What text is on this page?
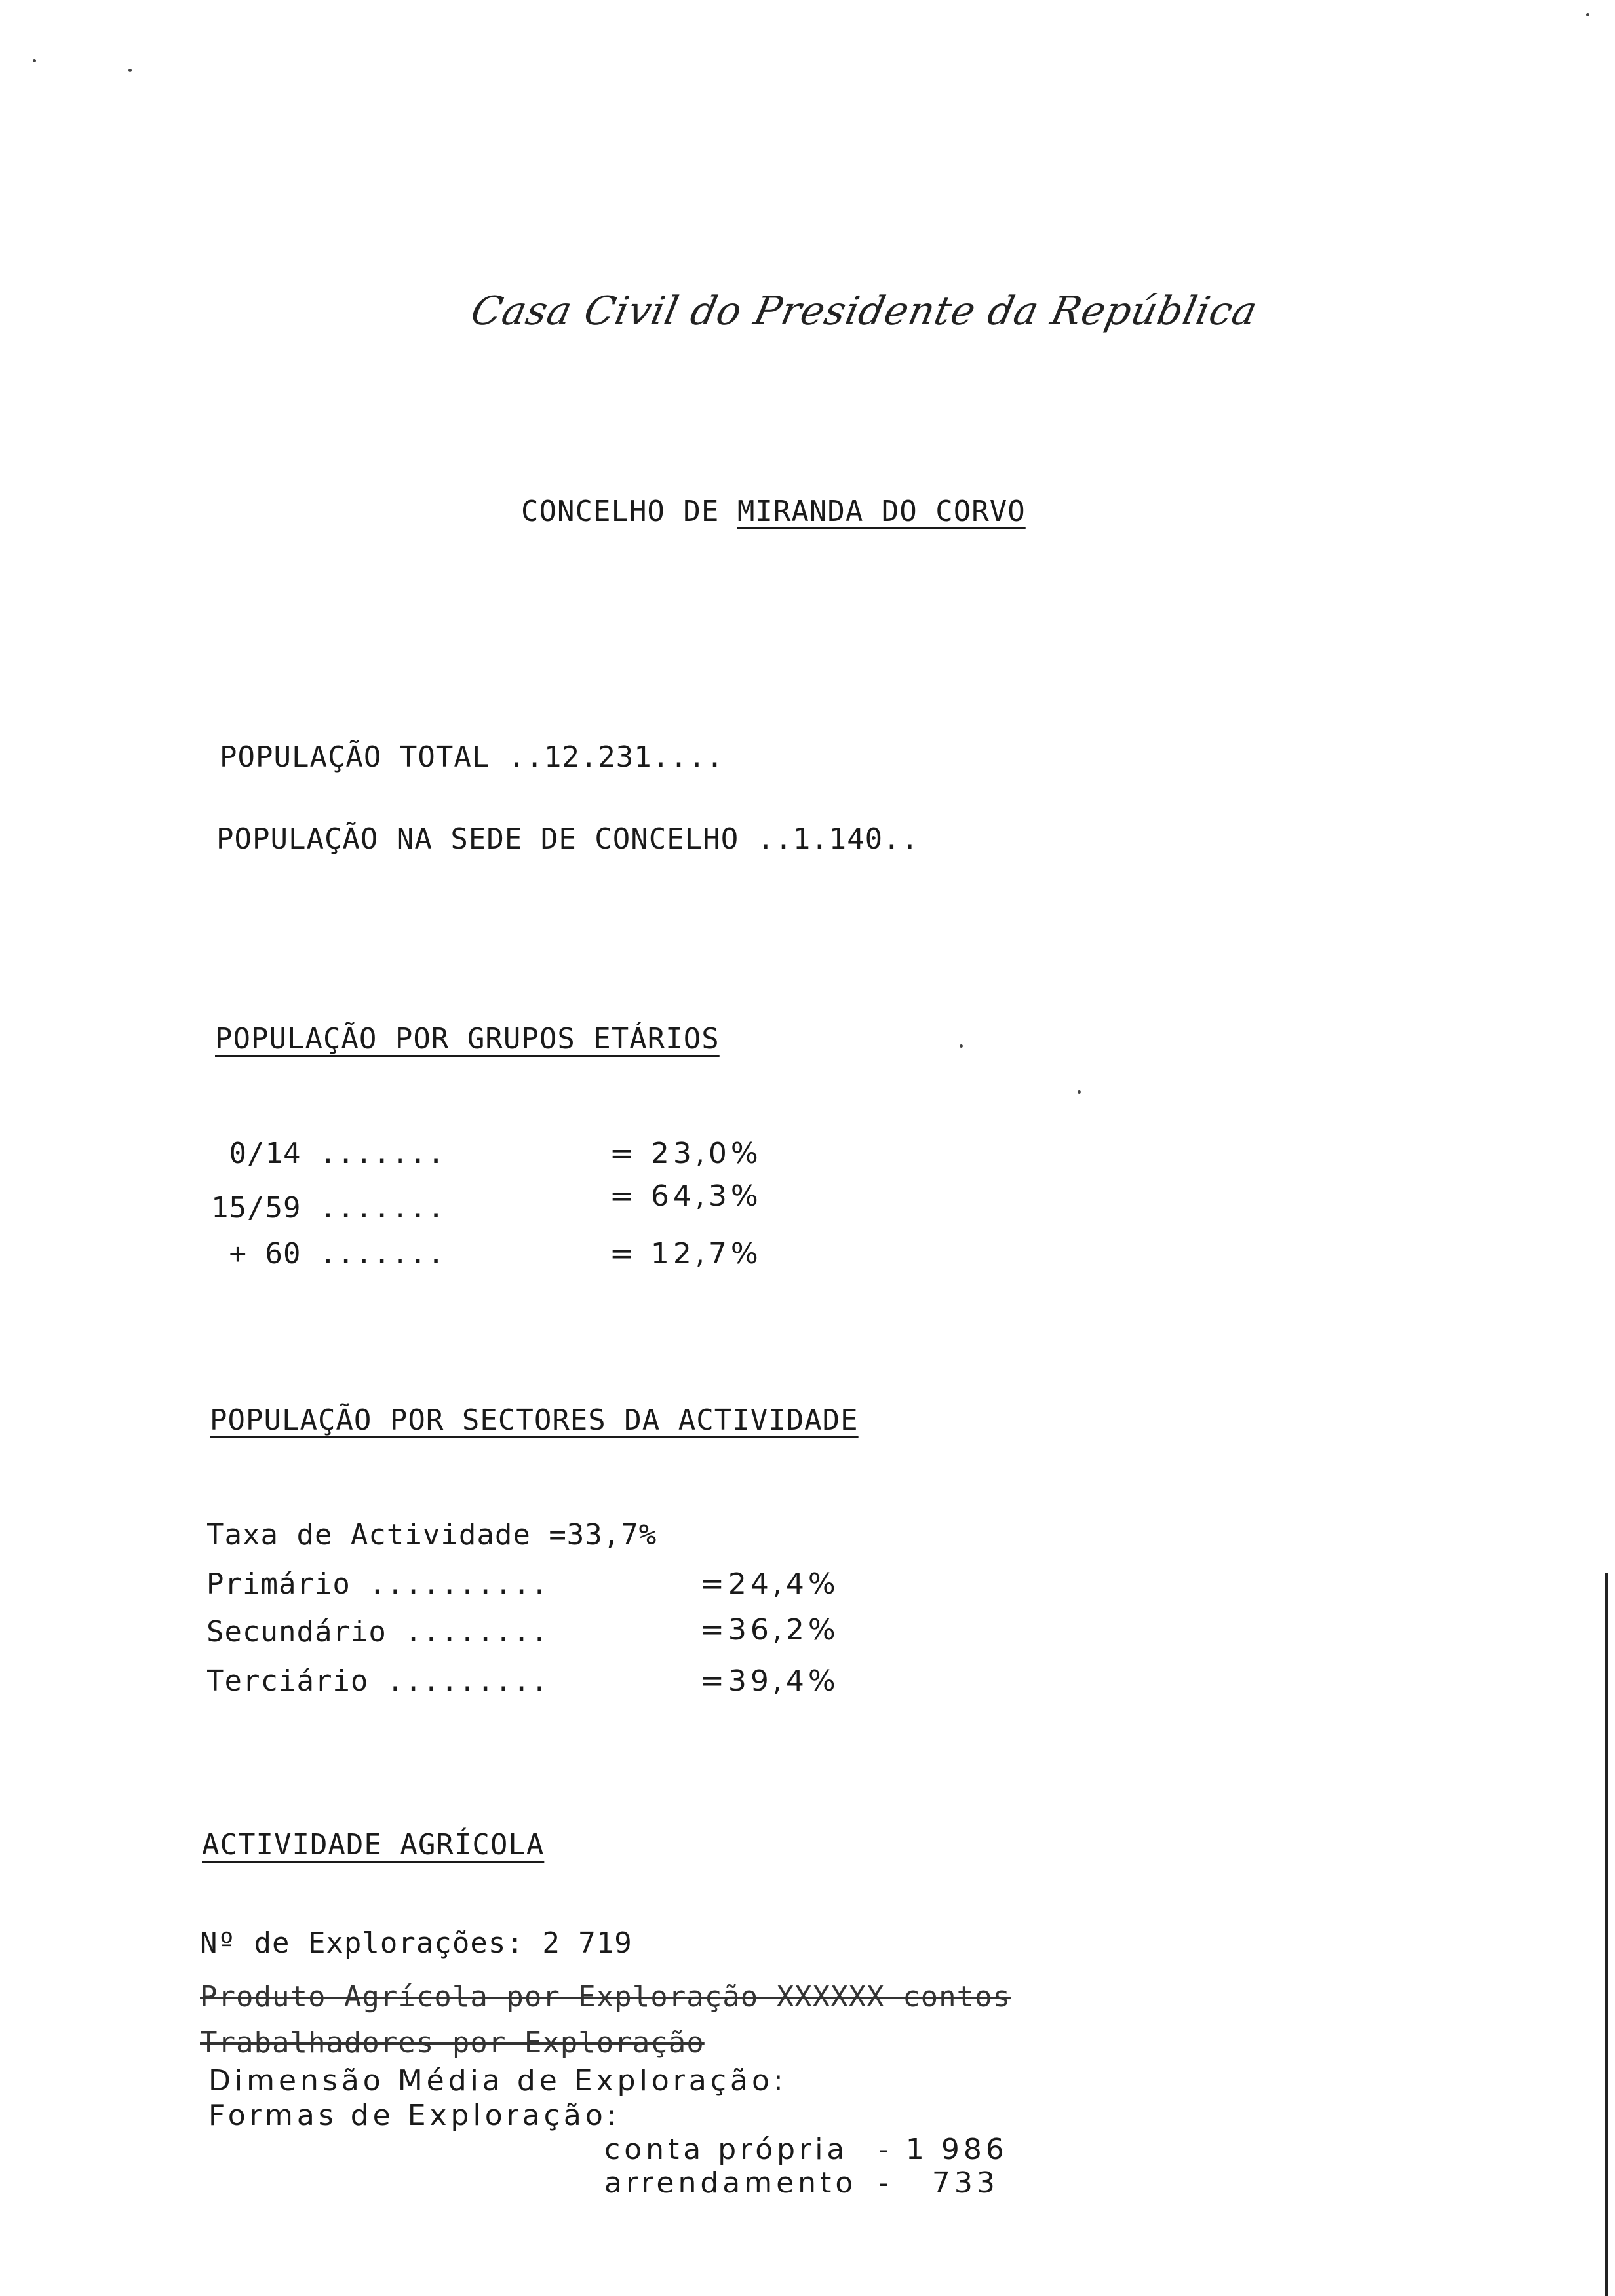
Casa Civil do Presidente da República
CONCELHO DE MIRANDA DO CORVO
POPULAÇÃO TOTAL ..12.231....
POPULAÇÃO NA SEDE DE CONCELHO ..1.140..
POPULAÇÃO POR GRUPOS ETÁRIOS
0/14 .......	= 23,0%
15/59 .......	= 64,3%
+ 60 .......	= 12,7%
POPULAÇÃO POR SECTORES DA ACTIVIDADE
Taxa de Actividade =33,7%
Primário ..........	=24,4%
Secundário ........	=36,2%
Terciário .........	=39,4%
ACTIVIDADE AGRÍCOLA
Nº de Explorações: 2 719
Produto Agrícola por Exploração XXXXXX contos
Trabalhadores por Exploração
Dimensão Média de Exploração:
Formas de Exploração:
conta própria - 1 986
arrendamento -   733
